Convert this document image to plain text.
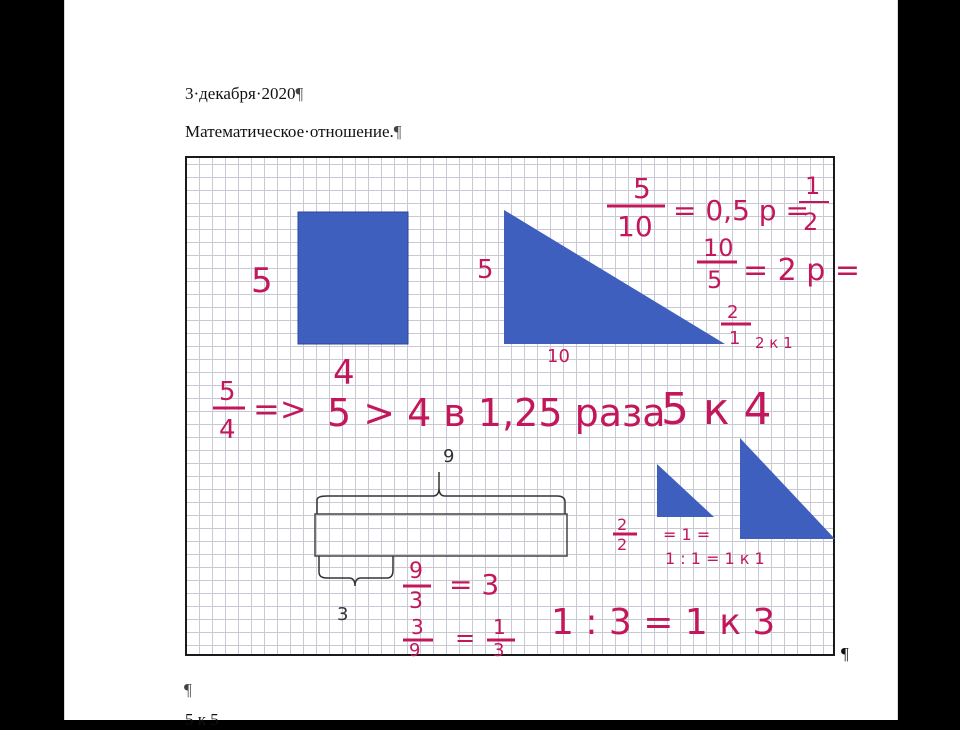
3·декабря·2020¶
Математическое·отношение.¶
5
4
5
10
5
10 = 0,5 р =
1
2
10
5 = 2 р =
2
1 2 к 1
5
4
=> 5 > 4 в 1,25 раза
5 к 4
9
3
9
3
= 3
3
9 = 1
3
1 : 3 = 1 к 3
2
2
= 1 =
1 : 1 = 1 к 1
¶
¶
5 к 5
